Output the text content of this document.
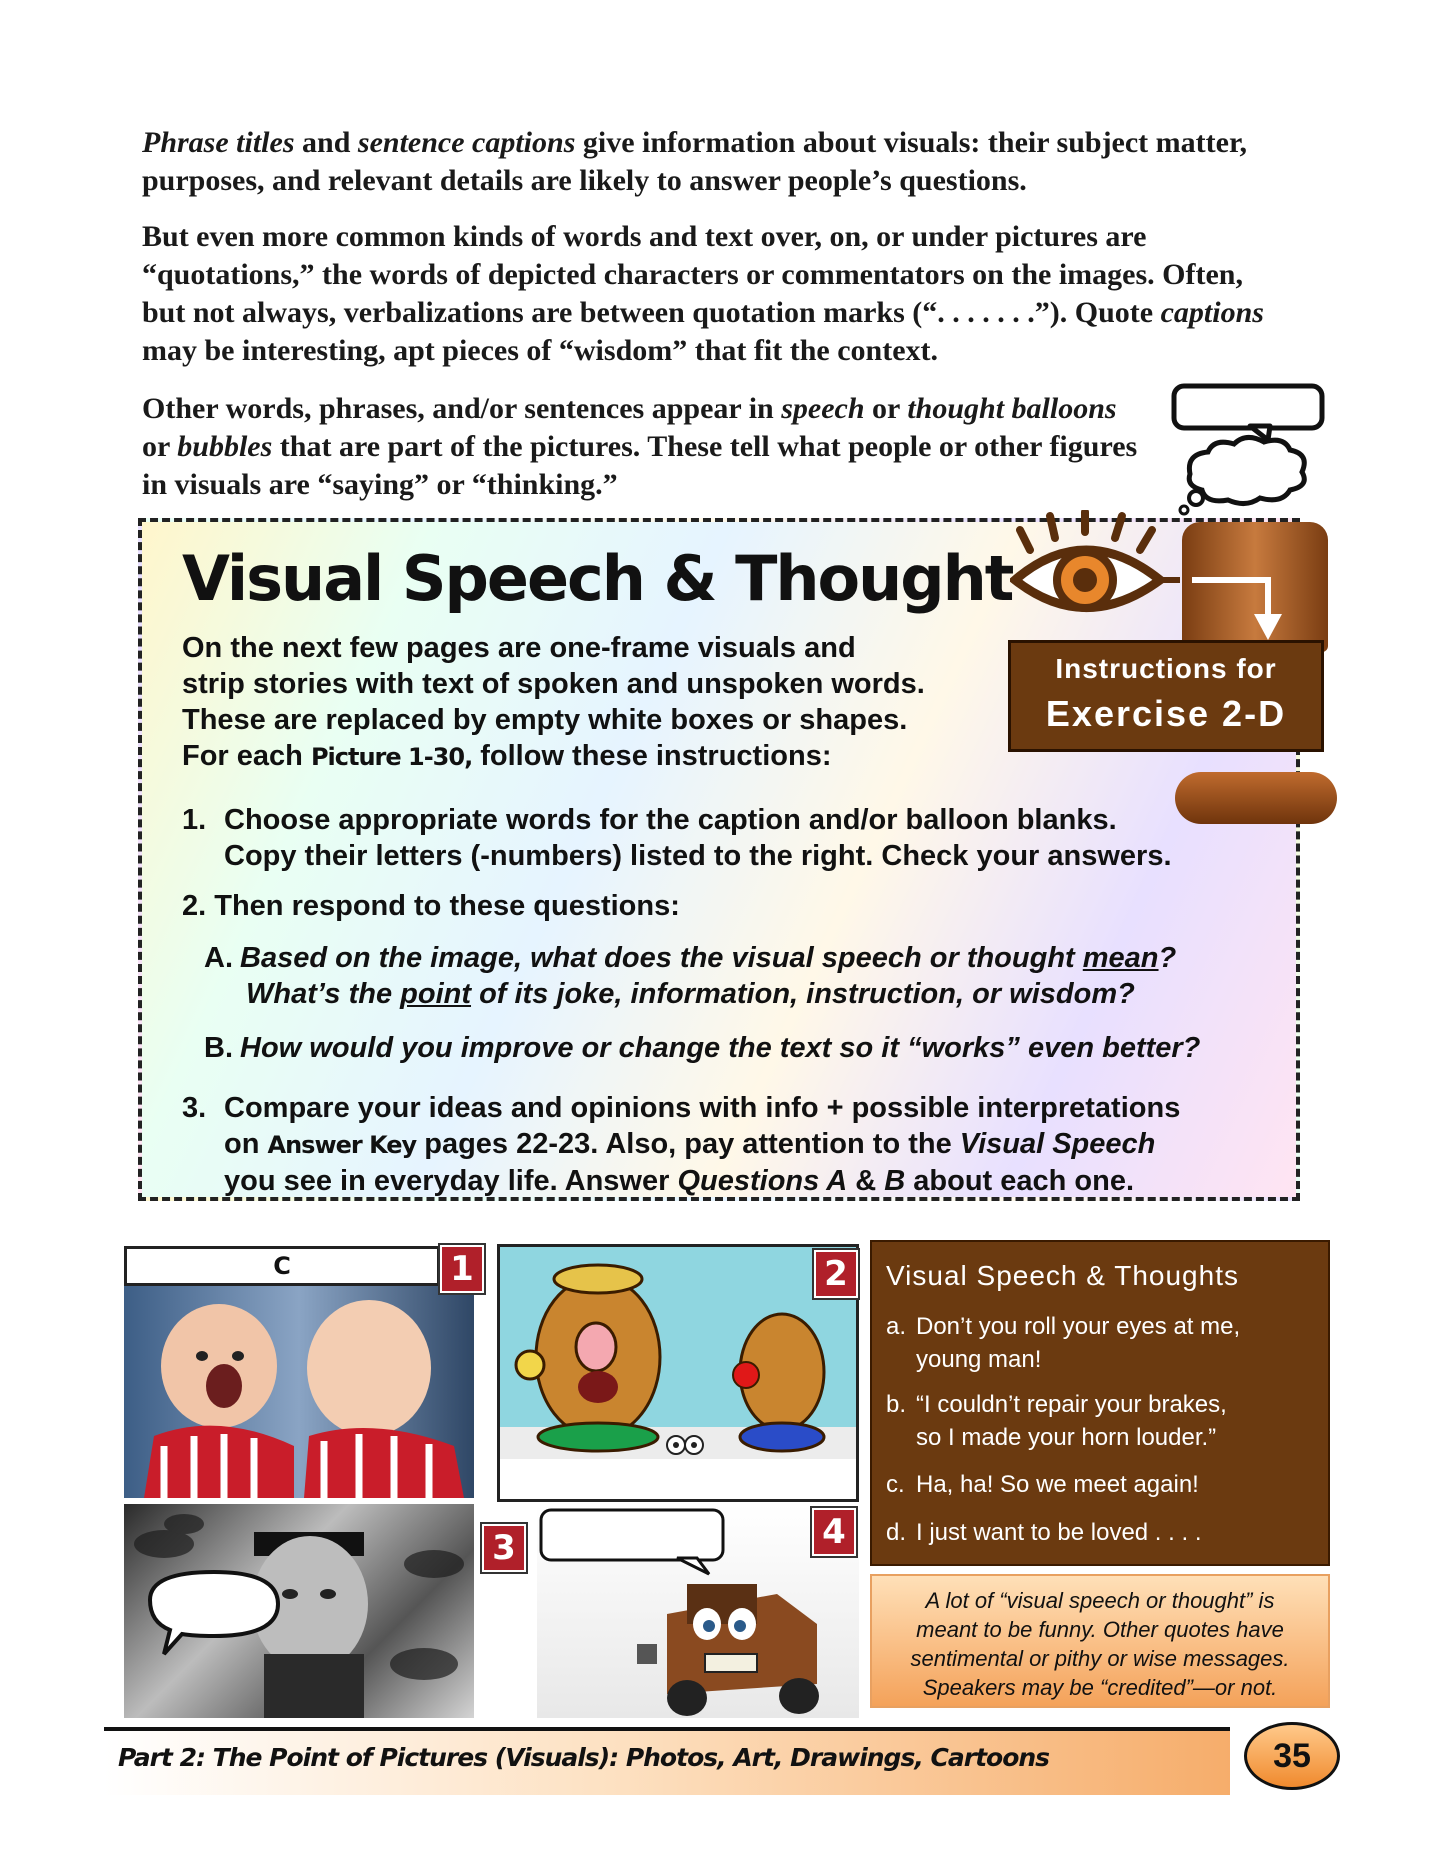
Phrase titles and sentence captions give information about visuals: their subject matter, purposes, and relevant details are likely to answer people’s questions.

But even more common kinds of words and text over, on, or under pictures are “quotations,” the words of depicted characters or commentators on the images. Often, but not always, verbalizations are between quotation marks (“. . . . . . .”). Quote captions may be interesting, apt pieces of “wisdom” that fit the context.

Other words, phrases, and/or sentences appear in speech or thought balloons or bubbles that are part of the pictures. These tell what people or other figures in visuals are “saying” or “thinking.”

Visual Speech & Thought
On the next few pages are one-frame visuals and
strip stories with text of spoken and unspoken words.
These are replaced by empty white boxes or shapes.
For each Picture 1-30, follow these instructions:
1. Choose appropriate words for the caption and/or balloon blanks.
Copy their letters (-numbers) listed to the right. Check your answers.
2. Then respond to these questions:
A. Based on the image, what does the visual speech or thought mean?
What’s the point of its joke, information, instruction, or wisdom?
B. How would you improve or change the text so it “works” even better?
3. Compare your ideas and opinions with info + possible interpretations
on Answer Key pages 22-23. Also, pay attention to the Visual Speech
you see in everyday life. Answer Questions A & B about each one.
Instructions for
Exercise 2-D
C	1	2
3	4
Visual Speech & Thoughts
a. Don’t you roll your eyes at me,
young man!
b. “I couldn’t repair your brakes,
so I made your horn louder.”
c. Ha, ha! So we meet again!
d. I just want to be loved . . . .
A lot of “visual speech or thought” is
meant to be funny. Other quotes have
sentimental or pithy or wise messages.
Speakers may be “credited”—or not.
Part 2: The Point of Pictures (Visuals): Photos, Art, Drawings, Cartoons	35
